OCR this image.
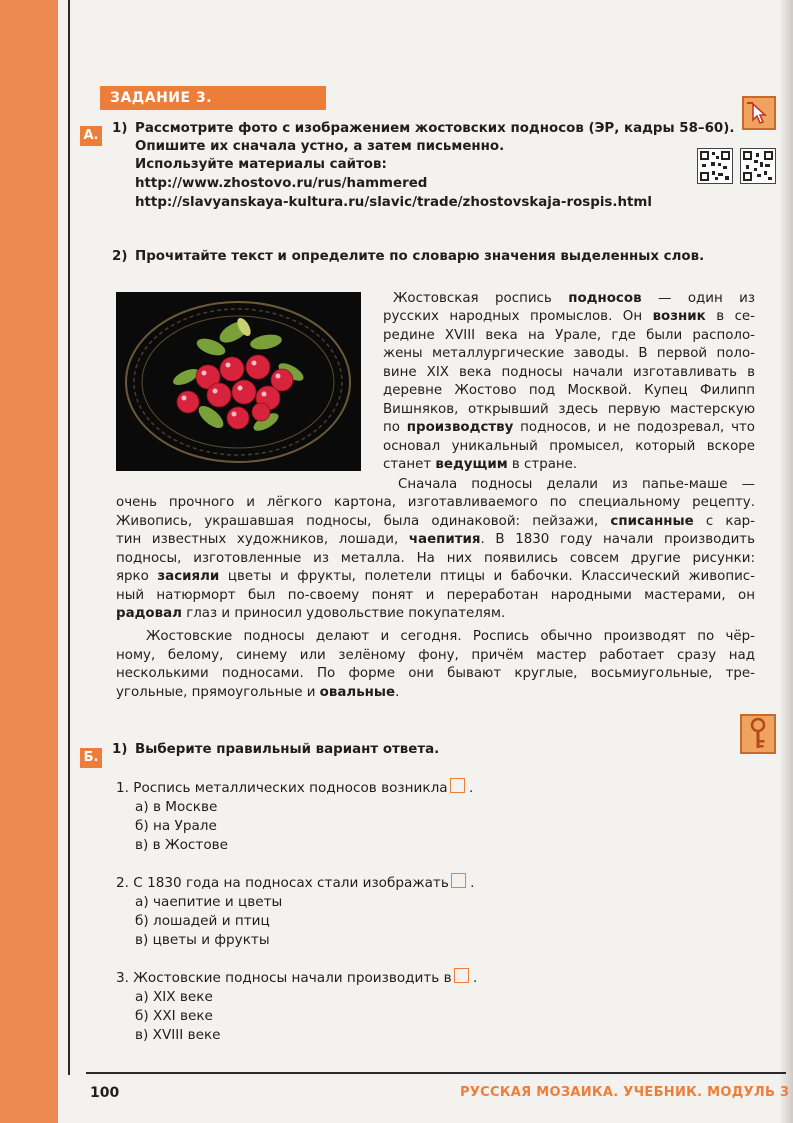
ЗАДАНИЕ 3.
А. 1) Рассмотрите фото с изображением жостовских подносов (ЭР, кадры 58–60).
Опишите их сначала устно, а затем письменно.
Используйте материалы сайтов:
http://www.zhostovo.ru/rus/hammered
http://slavyanskaya-kultura.ru/slavic/trade/zhostovskaja-rospis.html
2) Прочитайте текст и определите по словарю значения выделенных слов.
Жостовская роспись подносов — один из
русских народных промыслов. Он возник в се-
редине XVIII века на Урале, где были располо-
жены металлургические заводы. В первой поло-
вине XIX века подносы начали изготавливать в
деревне Жостово под Москвой. Купец Филипп
Вишняков, открывший здесь первую мастерскую
по производству подносов, и не подозревал, что
основал уникальный промысел, который вскоре
станет ведущим в стране.
Сначала подносы делали из папье-маше —
очень прочного и лёгкого картона, изготавливаемого по специальному рецепту.
Живопись, украшавшая подносы, была одинаковой: пейзажи, списанные с кар-
тин известных художников, лошади, чаепития. В 1830 году начали производить
подносы, изготовленные из металла. На них появились совсем другие рисунки:
ярко засияли цветы и фрукты, полетели птицы и бабочки. Классический живопис-
ный натюрморт был по-своему понят и переработан народными мастерами, он
радовал глаз и приносил удовольствие покупателям.
Жостовские подносы делают и сегодня. Роспись обычно производят по чёр-
ному, белому, синему или зелёному фону, причём мастер работает сразу над
несколькими подносами. По форме они бывают круглые, восьмиугольные, тре-
угольные, прямоугольные и овальные.
Б.
1) Выберите правильный вариант ответа.
1. Роспись металлических подносов возникла .
а) в Москве
б) на Урале
в) в Жостове
2. С 1830 года на подносах стали изображать .
а) чаепитие и цветы
б) лошадей и птиц
в) цветы и фрукты
3. Жостовские подносы начали производить в .
а) XIX веке
б) XXI веке
в) XVIII веке
100	РУССКАЯ МОЗАИКА. УЧЕБНИК. МОДУЛЬ 3
